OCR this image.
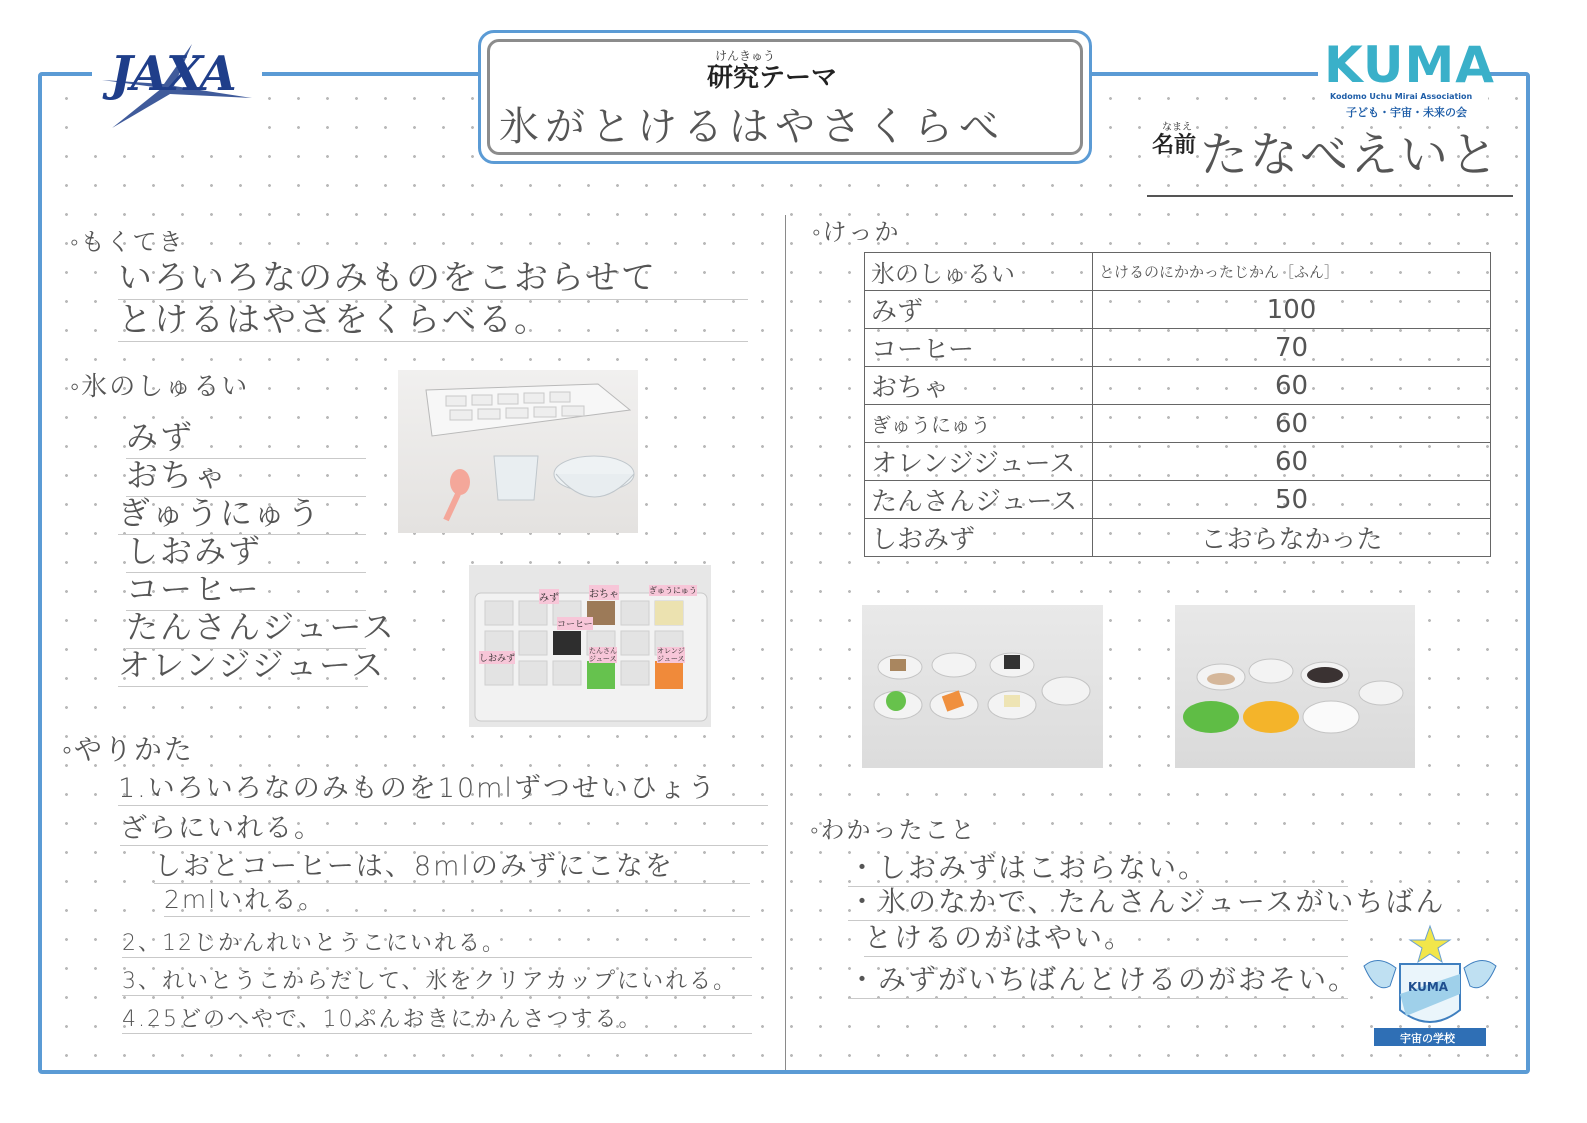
JAXA	けんきゅう
研究テーマ
氷がとけるはやさくらべ
KUMA
Kodomo Uchu Mirai Association
子ども・宇宙・未来の会
なまえ
名前 たなべえいと
◦もくてき
いろいろなのみものをこおらせて
とけるはやさをくらべる。
◦氷のしゅるい
みず
おちゃ
ぎゅうにゅう
しおみず
コーヒー
たんさんジュース
オレンジジュース
みず	おちゃ	ぎゅうにゅう
コーヒー
しおみず
たんさんジュース
オレンジジュース
◦やりかた
1.いろいろなのみものを10mlずつせいひょう
ざらにいれる。
しおとコーヒーは、8mlのみずにこなを
2mlいれる。
2、12じかんれいとうこにいれる。
3、れいとうこからだして、氷をクリアカップにいれる。
4.25どのへやで、10ぷんおきにかんさつする。
◦けっか
氷のしゅるい	とけるのにかかったじかん［ふん］
みず	100
コーヒー	70
おちゃ	60
ぎゅうにゅう	60
オレンジジュース	60
たんさんジュース	50
しおみず	こおらなかった
◦わかったこと
・しおみずはこおらない。
・氷のなかで、たんさんジュースがいちばん
とけるのがはやい。
・みずがいちばんとけるのがおそい。	KUMA
宇宙の学校
